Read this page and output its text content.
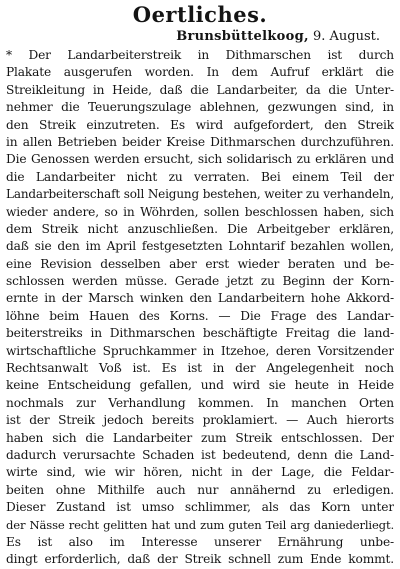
Oertliches.
Brunsbüttelkoog, 9. August.
* Der Landarbeiterstreik in Dithmarschen ist durch
Plakate ausgerufen worden. In dem Aufruf erklärt die
Streikleitung in Heide, daß die Landarbeiter, da die Unter-
nehmer die Teuerungszulage ablehnen, gezwungen sind, in
den Streik einzutreten. Es wird aufgefordert, den Streik
in allen Betrieben beider Kreise Dithmarschen durchzuführen.
Die Genossen werden ersucht, sich solidarisch zu erklären und
die Landarbeiter nicht zu verraten. Bei einem Teil der
Landarbeiterschaft soll Neigung bestehen, weiter zu verhandeln,
wieder andere, so in Wöhrden, sollen beschlossen haben, sich
dem Streik nicht anzuschließen. Die Arbeitgeber erklären,
daß sie den im April festgesetzten Lohntarif bezahlen wollen,
eine Revision desselben aber erst wieder beraten und be-
schlossen werden müsse. Gerade jetzt zu Beginn der Korn-
ernte in der Marsch winken den Landarbeitern hohe Akkord-
löhne beim Hauen des Korns. — Die Frage des Landar-
beiterstreiks in Dithmarschen beschäftigte Freitag die land-
wirtschaftliche Spruchkammer in Itzehoe, deren Vorsitzender
Rechtsanwalt Voß ist. Es ist in der Angelegenheit noch
keine Entscheidung gefallen, und wird sie heute in Heide
nochmals zur Verhandlung kommen. In manchen Orten
ist der Streik jedoch bereits proklamiert. — Auch hierorts
haben sich die Landarbeiter zum Streik entschlossen. Der
dadurch verursachte Schaden ist bedeutend, denn die Land-
wirte sind, wie wir hören, nicht in der Lage, die Feldar-
beiten ohne Mithilfe auch nur annähernd zu erledigen.
Dieser Zustand ist umso schlimmer, als das Korn unter
der Nässe recht gelitten hat und zum guten Teil arg daniederliegt.
Es ist also im Interesse unserer Ernährung unbe-
dingt erforderlich, daß der Streik schnell zum Ende kommt.
